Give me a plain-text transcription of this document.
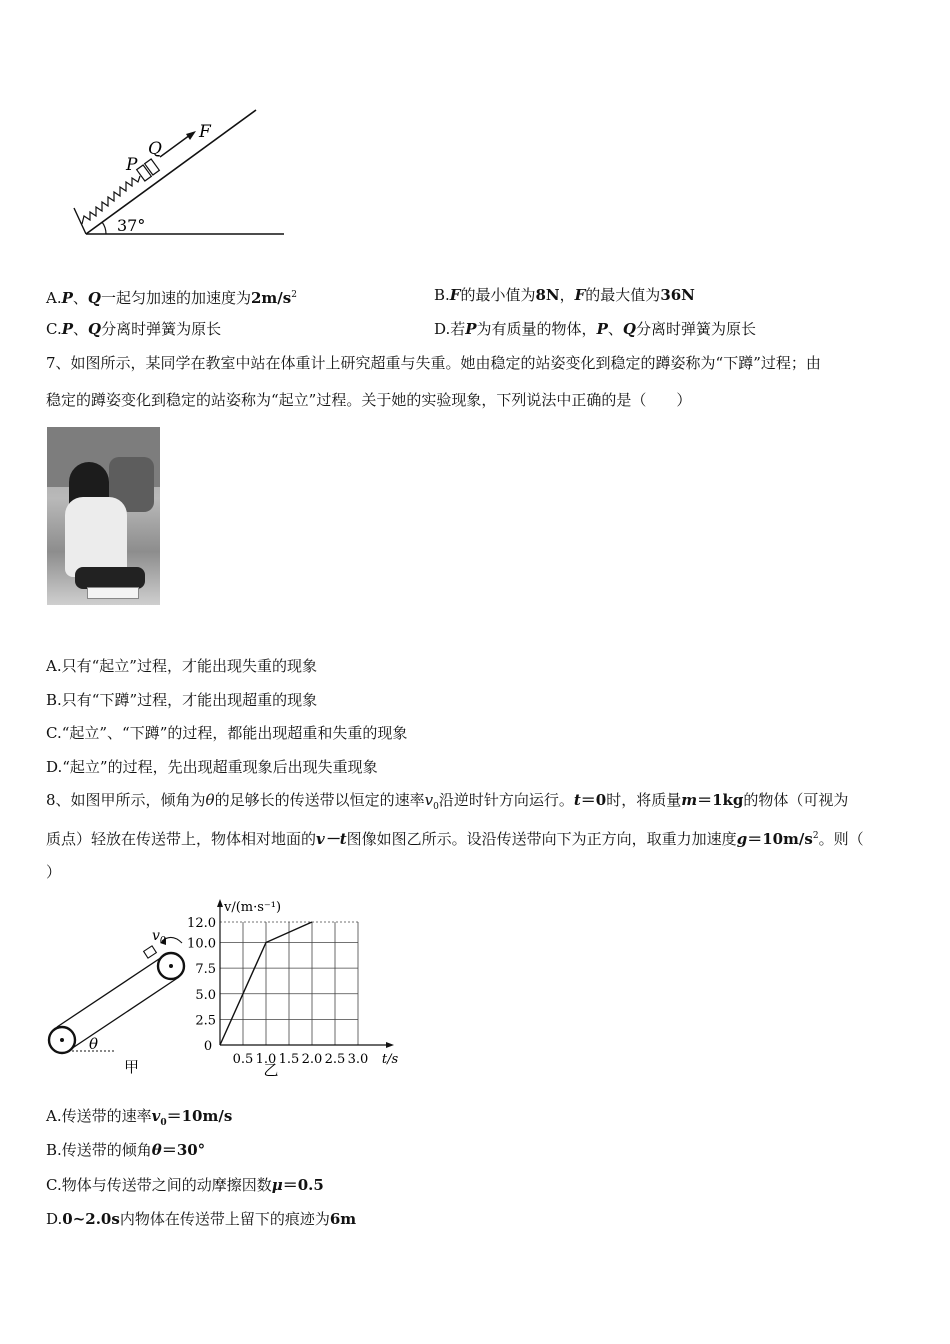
P
Q
F
37°
A.P、Q一起匀加速的加速度为$2m/s^2$	B.F的最小值为8N，F的最大值为36N
C.P、Q分离时弹簧为原长	D.若P为有质量的物体，P、Q分离时弹簧为原长
7、如图所示，某同学在教室中站在体重计上研究超重与失重。她由稳定的站姿变化到稳定的蹲姿称为“下蹲”过程；由
稳定的蹲姿变化到稳定的站姿称为“起立”过程。关于她的实验现象，下列说法中正确的是（　　）
A.只有“起立”过程，才能出现失重的现象
B.只有“下蹲”过程，才能出现超重的现象
C.“起立”、“下蹲”的过程，都能出现超重和失重的现象
D.“起立”的过程，先出现超重现象后出现失重现象
8、如图甲所示，倾角为θ的足够长的传送带以恒定的速率$v_0$沿逆时针方向运行。t＝0时，将质量m＝1kg的物体（可视为
质点）轻放在传送带上，物体相对地面的v－t图像如图乙所示。设沿传送带向下为正方向，取重力加速度$g=10m/s^2$。则（
）
$v_0$
θ
甲	0.5 1.0 1.5 2.0 2.5 3.0
2.5
5.0
7.5
10.0
12.0
0
v/(m·s⁻¹)
t/s
乙
A.传送带的速率$v_0=10m/s$
B.传送带的倾角θ＝30°
C.物体与传送带之间的动摩擦因数μ＝0.5
D.0~2.0s内物体在传送带上留下的痕迹为6m
